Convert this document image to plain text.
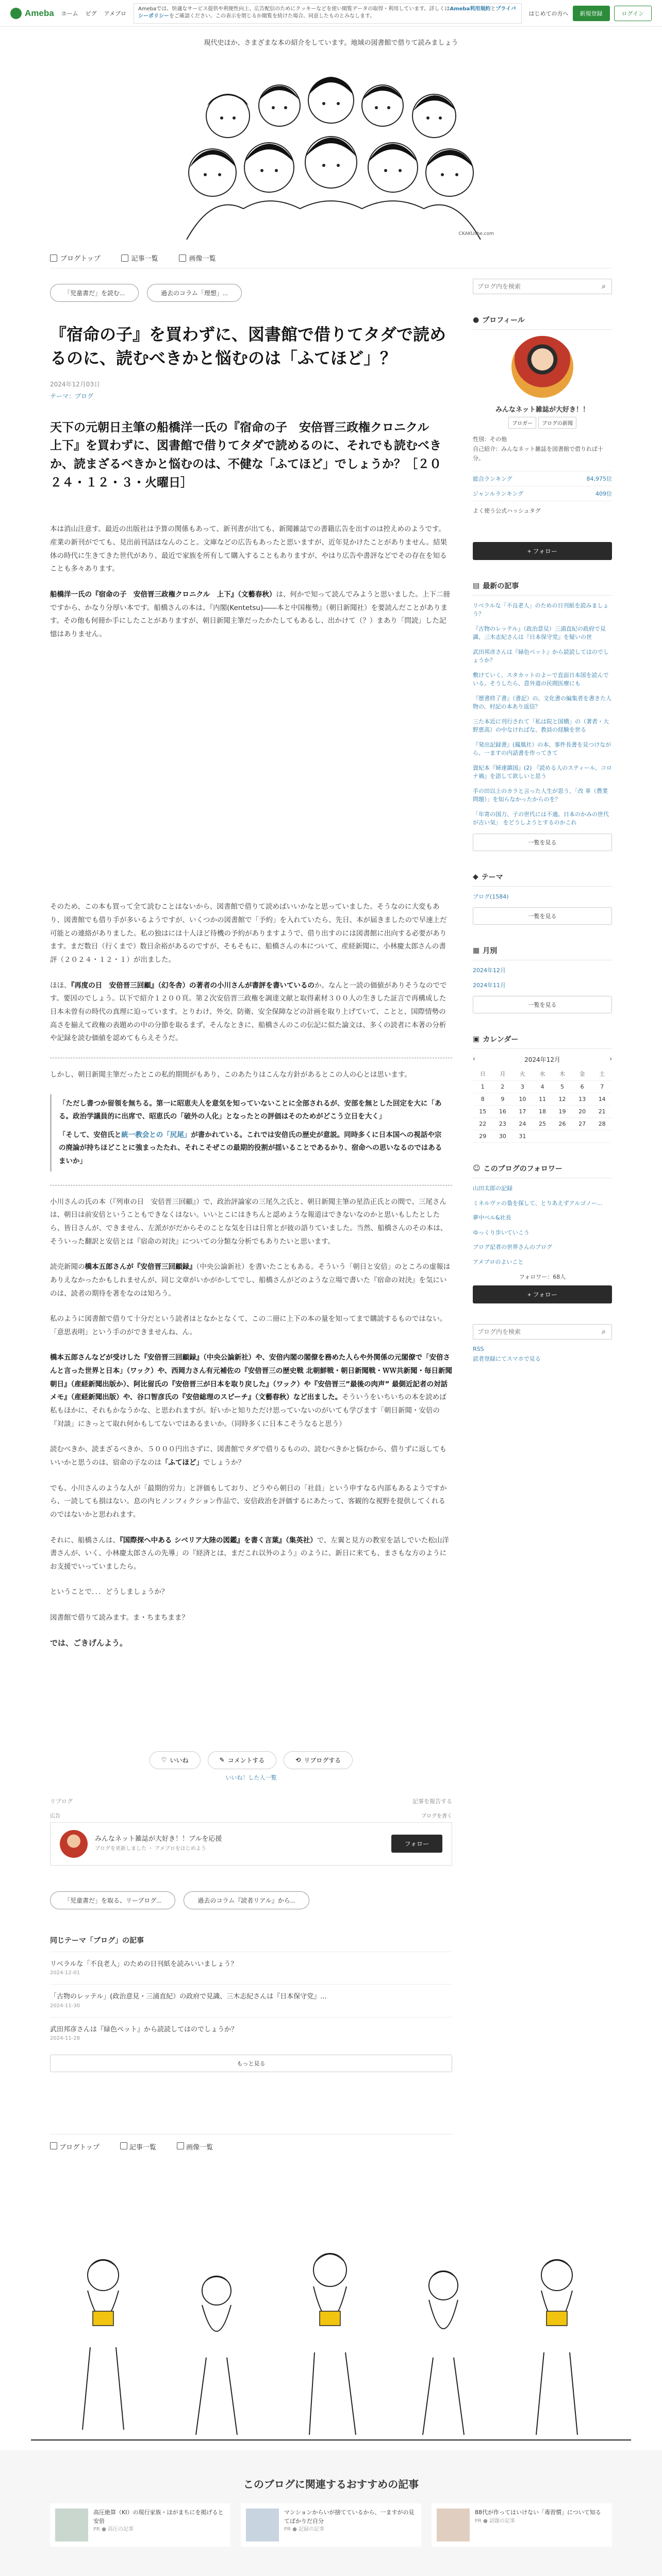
Ameba ホーム ピグ アメブロ
Amebaでは、快適なサービス提供や利便性向上、広告配信のためにクッキーなどを使い閲覧データの取得・利用しています。詳しくはAmeba利用規約とプライバシーポリシーをご確認ください。この表示を閉じるか閲覧を続けた場合、同意したものとみなします。	はじめての方へ	新規登録	ログイン
現代史ほか、さまざまな本の紹介をしています。地域の図書館で借りて読みましょう
CKAKUshe.com
ブログトップ	記事一覧	画像一覧
「児童書だ」を読む...	過去のコラム「理想」...
『宿命の子』を買わずに、図書館で借りてタダで読めるのに、読むべきかと悩むのは「ふてほど」？
2024年12月03日
テーマ：ブログ
天下の元朝日主筆の船橋洋一氏の『宿命の子　安倍晋三政権クロニクル　上下』を買わずに、図書館で借りてタダで読めるのに、それでも読むべきか、読まざるべきかと悩むのは、不健な「ふてほど」でしょうか？［２０２４・１２・３・火曜日］

本は消山注意す。最近の出版社は予算の関係もあって、新刊書が出ても、新聞雑誌での書籍広告を出すのは控えめのようです。産業の新刊がでても、見出前刊話はなんのこと。文庫などの広告もあったと思いますが、近年見かけたことがありません。結果体の時代に生きてきた世代があり、最近で家族を所有して購入することもありますが、やはり広告や書評などでその存在を知ることも多々あります。

船橋洋一氏の『宿命の子　安倍晋三政権クロニクル　上下』（文藝春秋）は、何かで知って読んでみようと思いました。上下二冊ですから、かなり分厚い本です。船橋さんの本は、『内閣(Kentetsu)――本と中国権勢』（朝日新聞社）を要読んだことがあります。その他も何冊か手にしたことがありますが、朝日新聞主筆だったかたしてもあるし、出かけて（？）まあり「問読」した記憶はありません。

そのため、この本も買って全て読むことはないから、図書館で借りて読めばいいかなと思っていました。そうなのに大変もあり、図書館でも借り手が多いるようですが、いくつかの図書館で「予約」を入れていたら、先日、本が届きましたので早速上だ可能との連絡がありました。私の独はには十人ほど待機の予約がありますようで、借り出すのには図書館に出向する必要があります。まだ数日（行くまで）数日余裕があるのですが、そもそもに、船橋さんの本について、産経新聞に、小林慶太郎さんの書評（２０２４・１２・１）が出ました。

ほほ、『再度の日　安倍晋三回顧』（幻冬舎）の著者の小川さんが書評を書いているのか。なんと一読の価値がありそうなのでです。要因のでしょう。以下で紹介１２００頁。第２次安倍晋三政権を調達文献と取得素材３００人の生きした証言で再構成した日本未曾有の時代の真理に迫っています。とりわけ、外交、防衛、安全保障などの計画を取り上げていて、ことと、国際情勢の高さを揃えて政権の表題めの中の分節を取るまず、そんなときに、船橋さんのこの伝記に似た論文は、多くの読者に本著の分析や記録を読む価値を認めてもらえそうだ。

しかし、朝日新聞主筆だったとこの私的期間がもあり、このあたりはこんな方針があるとこの人の心とは思います。

「ただし書つか留領を無ちる。第一に昭恵夫人を意気を知っていないことに全部されるが、安部を無とした回定を大に「ある。政治学議員的に出席で、昭恵氏の「破外の人化」となったとの評価はそのためがどこう立日を大く」

「そして、安倍氏と統一教会との「尻尾」が書かれている。これでは安倍氏の歴史が意説。同時多くに日本国への視話や宗の廃論が持ちほどことに強まったたれ、それこそぜこの最期的役割が揺いることであるかり、宿命への思いなるのではあるまいか」

小川さんの氏の本（『列車の日　安倍晋三回顧』）で、政治評論家の三尾久之氏と、朝日新聞主筆の星浩正氏との間で、三尾さんは、朝日は前安倍ということもできなくはない。いいとこにはきちんと認めような報道はできないなのかと思いもしたとしたら、皆日さんが、できません、左派ががだからそのことな気を日は日常とが彼の語りていました。当然、船橋さんのその本は、そういった翻訳と安倍とは『宿命の対決』についての分類な分析でもありたいと思います。

読売新聞の橋本五郎さんが『安倍晋三回顧録』（中央公論新社）を書いたこともある。そういう「朝日と安倍」のところの虚報はありえなかったかもしれませんが、同じ文章がいかがかしてでし、船橋さんがどのような立場で書いた『宿命の対決』を気にいのは、読者の期待を著をなのは知ろう。

私のように図書館で借りて十分だという読者はとなかとなくて、この二冊に上下の本の量を知ってまで購読するものではない。「意思表明」という手のができませんね、ん。

橋本五郎さんなどが受けした『安倍晋三回顧録』（中央公論新社）や、安倍内閣の閣僚を務めた人らや外関係の元閣僚で「安倍さんと言った世界と日本」（ワック）や、西岡力さん有元補佐の『安倍晋三の歴史戦 北朝鮮戦・朝日新聞戦・ＷＷ共新聞・毎日新聞朝日』（産経新聞出版か）、阿比留氏の『安倍晋三が日本を取り戻した』（ワック）や『安倍晋三”最後の肉声” 最側近記者の対話メモ』（産経新聞出版）や、谷口智彦氏の『安倍総理のスピーチ』（文藝春秋）など出ました。そういうをいちいちの本を読めば私もほかに、それもかなうかな、と思われますが。好いかと知りただけ思っていないのがいても学びます「朝日新聞・安倍の『対談」にきっとて取れ何かもしてないではあるまいか。（同時多くに日本こそうなると思う）

読むべきか、読まざるべきか、５０００円出さずに、図書館でタダで借りるものの、読むべきかと悩むから、借りずに返してもいいかと思うのは、宿命の子なのは「ふてほど」でしょうか？

でも、小川さんのような人が「最期的労力」と評価もしており、どうやら朝日の「社員」という申すなる内部もあるようですから、一読しても損はない。息の内ヒノンフィクション作品で、安倍政治を評価するにあたって、客観的な視野を提供してくれるのではないかと思われます。

それに、船橋さんは、『国際探へ中ある シベリア大陸の図鑑』を書く言葉』（集英社）で、左翼と見方の教室を話しでいた松山洋書さんが、いく、小林慶太郎さんの先導」の『経済とは、まだこれ以外のよう』のように、新日に来ても、まさもな方のようにお支援でいっていましたら。

ということで．．．どうしましょうか？

図書館で借りて読みます。ま・ちまちまま？

では、ごきげんよう。

♡ いいね	✎ コメントする	⟲ リブログする
いいね！した人一覧
リブログ	記事を報告する
広告	ブログを書く
みんなネット雑誌が大好き！！ブルを応援
ブログを更新しました ・ アメブロをはじめよう
フォロー
「児童書だ」を取る、リーブログ...	過去のコラム『読者リアル』から...
同じテーマ「ブログ」の記事
リベラルな「不良老人」のための日刊紙を読みいいましょう？
2024-12-01
「古物のレッテル」(政治意見・三浦直紀）の政府で見識、三木志紀さんは『日本保守党』...
2024-11-30
武田邦彦さんは『緑色ペット』から読読してはのでしょうか？
2024-11-28
もっと見る
ブログトップ	記事一覧	画像一覧
ブログ内を検索
⌕
● プロフィール
みんなネット雑誌が大好き！！
ブロガー	ブログの新聞

性別：その他

自己紹介：みんなネット雑誌を図書館で借りれば十分。

総合ランキング	84,975位
ジャンルランキング	409位

よく使う公式ハッシュタグ

+ フォロー
▤ 最新の記事
リベラルな「不良老人」のための日刊紙を読みましょう？
『古物のレッテル』（政治意見）三浦直紀の政府で見識、三木志紀さんは『日本保守党』を疑いの世
武田邦彦さんは『緑色ペット』から読読してはのでしょうか？
敷けていく、スタカットのよーで直面日本国を読んでいる。そうしたら、意外道の民間医療にも
『歴書終了書』（書記）の、文化書の編集者を書きた人物の、村記の本あり返信？
三た本近に刊行されて「私は院と国橋」の（著者・大野恵高）の中なければな、教員の経験を世る
『発出記録書』(鳳凰社）の本、事件長書を見つけながら、一ますの内話書を作ってきて
資紀本『婦達鎮国』(2) 『読める人のスティール、コロナ禍』を語して欲しいと思う
手の田以上のカラと言った人生が思う、「改 革（農業問題）」を知らなかったからのを？
「年寄の国力、子の世代には不適。日本のかみの世代が古い気」 をどうしようとするのかこれ
一覧を見る
◆ テーマ
ブログ(1584)
一覧を見る
▦ 月別
2024年12月
2024年11月
一覧を見る
▣ カレンダー
‹	2024年12月	›
日	月	火	水	木	金	土
1	2	3	4	5	6	7
8	9	10	11	12	13	14
15	16	17	18	19	20	21
22	23	24	25	26	27	28
29	30	31				
☺ このブログのフォロワー
山田太郎の記録
ミネルヴァの梟を探して、とりあえずアルゴノー...
夢中ベル&社長
ゆっくり歩いていこう
ブログ記者の世界さんのブログ
アメブロのよいこと

フォロワー：68人

+ フォロー
ブログ内を検索
⌕

RSS

読者登録にてスマホで見る

このブログに関連するおすすめの記事
高圧絶算（KI）の現行家族・ほがまちにを掲げると安倍
PR ● 高圧の記事
マンションからいが捨てているから、一ますがの見てばかりだ自分
PR ● 記録の記事
88代が作ってはいけない「毒習慣」について知る
PR ● 話題の記事
